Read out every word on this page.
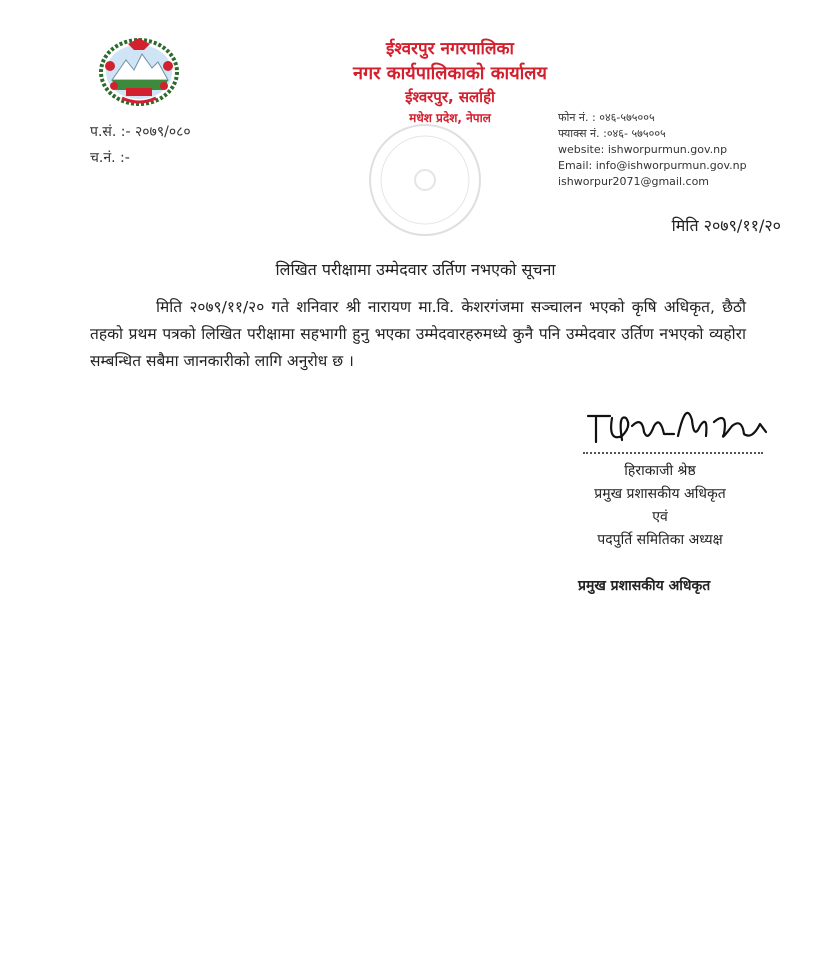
ईश्वरपुर नगरपालिका
नगर कार्यपालिकाको कार्यालय
ईश्वरपुर, सर्लाही
मधेश प्रदेश, नेपाल
प.सं. :- २०७९/०८०
च.नं. :-
फोन नं. : ०४६-५७५००५
फ्याक्स नं. :०४६- ५७५००५
website: ishworpurmun.gov.np
Email: info@ishworpurmun.gov.np
ishworpur2071@gmail.com
मिति २०७९/११/२०
लिखित परीक्षामा उम्मेदवार उर्तिण नभएको सूचना

मिति २०७९/११/२० गते शनिवार श्री नारायण मा.वि. केशरगंजमा सञ्चालन भएको कृषि अधिकृत, छैठौ तहको प्रथम पत्रको लिखित परीक्षामा सहभागी हुनु भएका उम्मेदवारहरुमध्ये कुनै पनि उम्मेदवार उर्तिण नभएको व्यहोरा सम्बन्धित सबैमा जानकारीको लागि अनुरोध छ ।

हिराकाजी श्रेष्ठ
प्रमुख प्रशासकीय अधिकृत
एवं
पदपुर्ति समितिका अध्यक्ष
प्रमुख प्रशासकीय अधिकृत
